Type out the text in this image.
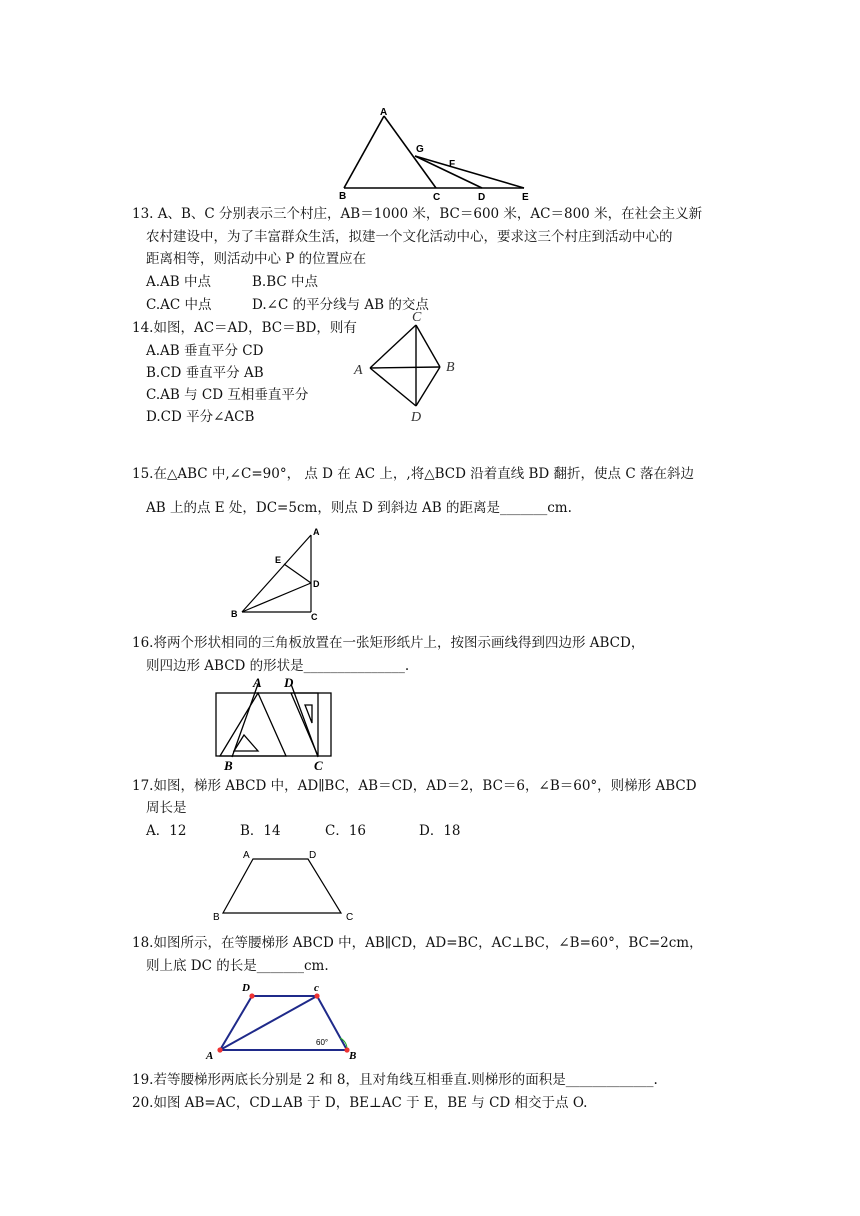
A
B	C	D	E
F
G
13. A、B、C 分别表示三个村庄，AB＝1000 米，BC＝600 米，AC＝800 米，在社会主义新
农村建设中，为了丰富群众生活，拟建一个文化活动中心，要求这三个村庄到活动中心的
距离相等，则活动中心 P 的位置应在
A.AB 中点	B.BC 中点
C.AC 中点	D.∠C 的平分线与 AB 的交点
14.如图，AC＝AD，BC＝BD，则有
A.AB 垂直平分 CD
B.CD 垂直平分 AB
C.AB 与 CD 互相垂直平分
D.CD 平分∠ACB
C
A	B
D
15.在△ABC 中,∠C=90°， 点 D 在 AC 上，,将△BCD 沿着直线 BD 翻折，使点 C 落在斜边
AB 上的点 E 处，DC=5cm，则点 D 到斜边 AB 的距离是_______cm.
A
E
D
B	C
16.将两个形状相同的三角板放置在一张矩形纸片上，按图示画线得到四边形 ABCD，
则四边形 ABCD 的形状是_______________.
A D
B	C
17.如图，梯形 ABCD 中，AD∥BC，AB＝CD，AD＝2，BC＝6，∠B＝60°，则梯形 ABCD
周长是
A．12	B．14	C．16	D．18
A	D
B	C
18.如图所示，在等腰梯形 ABCD 中，AB∥CD，AD=BC，AC⊥BC，∠B=60°，BC=2cm，
则上底 DC 的长是_______cm.
D	c
A	B
60°
19.若等腰梯形两底长分别是 2 和 8，且对角线互相垂直.则梯形的面积是_____________.
20.如图 AB=AC，CD⊥AB 于 D，BE⊥AC 于 E，BE 与 CD 相交于点 O.
